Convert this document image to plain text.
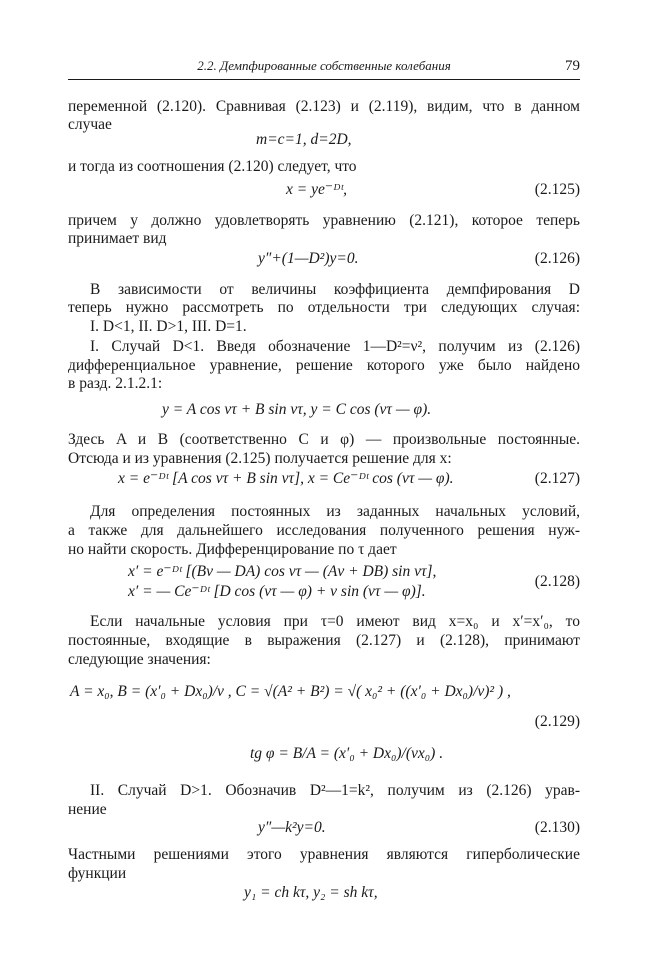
2.2. Демпфированные собственные колебания	79
переменной (2.120). Сравнивая (2.123) и (2.119), видим, что в данном
случае
m=c=1, d=2D,
и тогда из соотношения (2.120) следует, что
x = ye⁻ᴰᵗ,	(2.125)
причем y должно удовлетворять уравнению (2.121), которое теперь
принимает вид
y″+(1—D²)y=0.	(2.126)
В зависимости от величины коэффициента демпфирования D
теперь нужно рассмотреть по отдельности три следующих случая:
I. D<1, II. D>1, III. D=1.
I. Случай D<1. Введя обозначение 1—D²=ν², получим из (2.126)
дифференциальное уравнение, решение которого уже было найдено
в разд. 2.1.2.1:
y = A cos ντ + B sin ντ, y = C cos (ντ — φ).
Здесь A и B (соответственно C и φ) — произвольные постоянные.
Отсюда и из уравнения (2.125) получается решение для x:
x = e⁻ᴰᵗ [A cos ντ + B sin ντ], x = Ce⁻ᴰᵗ cos (ντ — φ).	(2.127)
Для определения постоянных из заданных начальных условий,
а также для дальнейшего исследования полученного решения нуж-
но найти скорость. Дифференцирование по τ дает
x′ = e⁻ᴰᵗ [(Bν — DA) cos ντ — (Aν + DB) sin ντ],
x′ = — Ce⁻ᴰᵗ [D cos (ντ — φ) + ν sin (ντ — φ)].
(2.128)
Если начальные условия при τ=0 имеют вид x=x₀ и x′=x′₀, то
постоянные, входящие в выражения (2.127) и (2.128), принимают
следующие значения:
A = x₀, B = (x′₀ + Dx₀)/ν , C = √(A² + B²) = √( x₀² + ((x′₀ + Dx₀)/ν)² ) ,
(2.129)
tg φ = B/A = (x′₀ + Dx₀)/(νx₀) .
II. Случай D>1. Обозначив D²—1=k², получим из (2.126) урав-
нение
y″—k²y=0.	(2.130)
Частными решениями этого уравнения являются гиперболические
функции
y₁ = ch kτ, y₂ = sh kτ,
